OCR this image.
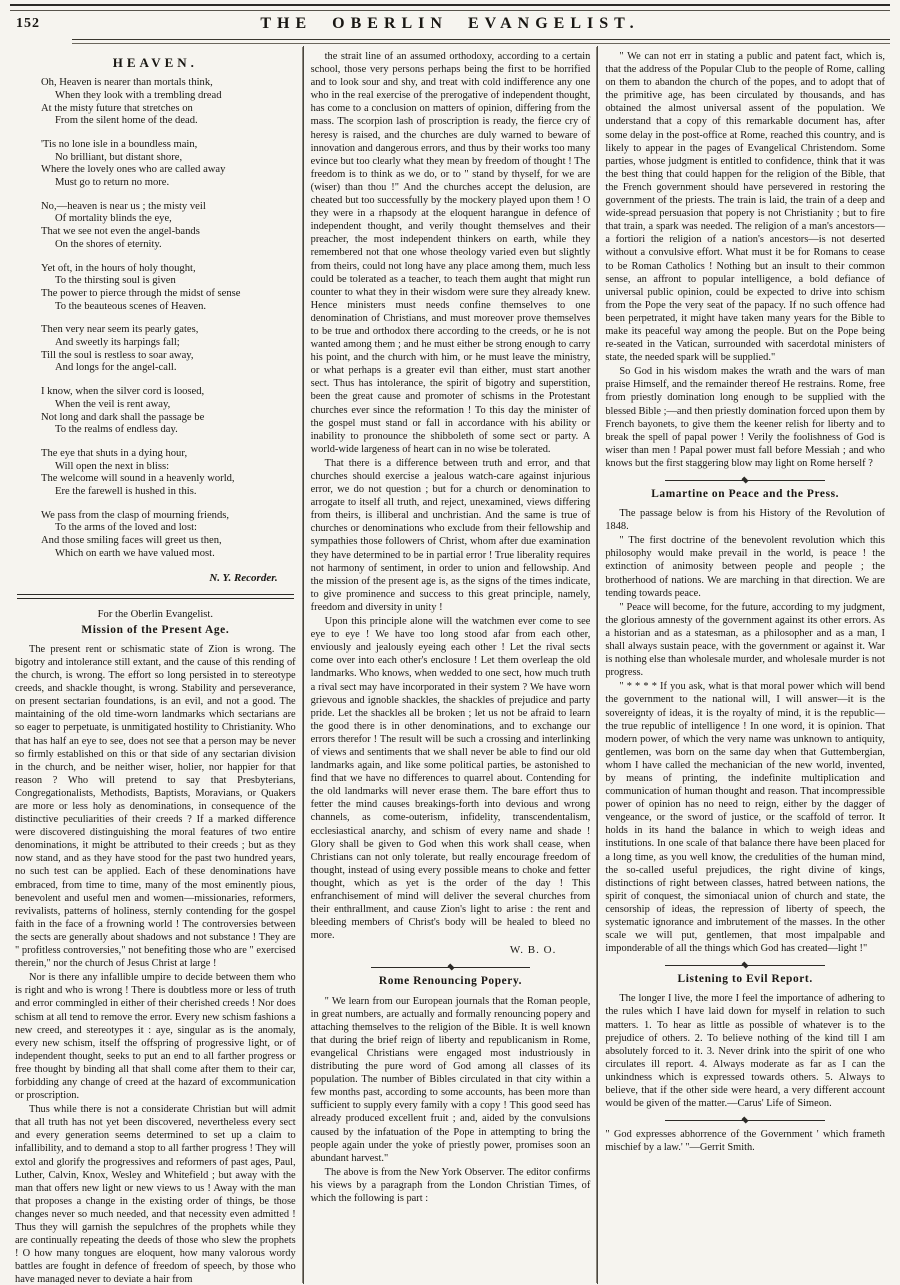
152	THE OBERLIN EVANGELIST.
HEAVEN.
Oh, Heaven is nearer than mortals think,
When they look with a trembling dread
At the misty future that stretches on
From the silent home of the dead.
'Tis no lone isle in a boundless main,
No brilliant, but distant shore,
Where the lovely ones who are called away
Must go to return no more.
No,—heaven is near us ; the misty veil
Of mortality blinds the eye,
That we see not even the angel-bands
On the shores of eternity.
Yet oft, in the hours of holy thought,
To the thirsting soul is given
The power to pierce through the midst of sense
To the beauteous scenes of Heaven.
Then very near seem its pearly gates,
And sweetly its harpings fall;
Till the soul is restless to soar away,
And longs for the angel-call.
I know, when the silver cord is loosed,
When the veil is rent away,
Not long and dark shall the passage be
To the realms of endless day.
The eye that shuts in a dying hour,
Will open the next in bliss:
The welcome will sound in a heavenly world,
Ere the farewell is hushed in this.
We pass from the clasp of mourning friends,
To the arms of the loved and lost:
And those smiling faces will greet us then,
Which on earth we have valued most.
N. Y. Recorder.
For the Oberlin Evangelist.
Mission of the Present Age.
The present rent or schismatic state of Zion is wrong. The bigotry and intolerance still extant, and the cause of this rending of the church, is wrong. The effort so long persisted in to stereotype creeds, and shackle thought, is wrong. Stability and perseverance, on present sectarian foundations, is an evil, and not a good. The maintaining of the old time-worn landmarks which sectarians are so eager to perpetuate, is unmitigated hostility to Christianity. Who that has half an eye to see, does not see that a person may be never so firmly established on this or that side of any sectarian division in the church, and be neither wiser, holier, nor happier for that reason ? Who will pretend to say that Presbyterians, Congregationalists, Methodists, Baptists, Moravians, or Quakers are more or less holy as denominations, in consequence of the distinctive peculiarities of their creeds ? If a marked difference were discovered distinguishing the moral features of two entire denominations, it might be attributed to their creeds ; but as they now stand, and as they have stood for the past two hundred years, no such test can be applied. Each of these denominations have embraced, from time to time, many of the most eminently pious, benevolent and useful men and women—missionaries, reformers, revivalists, patterns of holiness, sternly contending for the gospel faith in the face of a frowning world ! The controversies between the sects are generally about shadows and not substance ! They are " profitless controversies," not benefiting those who are " exercised therein," nor the church of Jesus Christ at large !
Nor is there any infallible umpire to decide between them who is right and who is wrong ! There is doubtless more or less of truth and error commingled in either of their cherished creeds ! Nor does schism at all tend to remove the error. Every new schism fashions a new creed, and stereotypes it : aye, singular as is the anomaly, every new schism, itself the offspring of progressive light, or of independent thought, seeks to put an end to all farther progress or free thought by binding all that shall come after them to their car, forbidding any change of creed at the hazard of excommunication or proscription.
Thus while there is not a considerate Christian but will admit that all truth has not yet been discovered, nevertheless every sect and every generation seems determined to set up a claim to infallibility, and to demand a stop to all farther progress ! They will extol and glorify the progressives and reformers of past ages, Paul, Luther, Calvin, Knox, Wesley and Whitefield ; but away with the man that offers new light or new views to us ! Away with the man that proposes a change in the existing order of things, be those changes never so much needed, and that necessity even admitted ! Thus they will garnish the sepulchres of the prophets while they are continually repeating the deeds of those who slew the prophets ! O how many tongues are eloquent, how many valorous wordy battles are fought in defence of freedom of speech, by those who have managed never to deviate a hair from
the strait line of an assumed orthodoxy, according to a certain school, those very persons perhaps being the first to be horrified and to look sour and shy, and treat with cold indifference any one who in the real exercise of the prerogative of independent thought, has come to a conclusion on matters of opinion, differing from the mass. The scorpion lash of proscription is ready, the fierce cry of heresy is raised, and the churches are duly warned to beware of innovation and dangerous errors, and thus by their works too many evince but too clearly what they mean by freedom of thought ! The freedom is to think as we do, or to " stand by thyself, for we are (wiser) than thou !" And the churches accept the delusion, are cheated but too successfully by the mockery played upon them ! O they were in a rhapsody at the eloquent harangue in defence of independent thought, and verily thought themselves and their preacher, the most independent thinkers on earth, while they remembered not that one whose theology varied even but slightly from theirs, could not long have any place among them, much less could be tolerated as a teacher, to teach them aught that might run counter to what they in their wisdom were sure they already knew. Hence ministers must needs confine themselves to one denomination of Christians, and must moreover prove themselves to be true and orthodox there according to the creeds, or he is not wanted among them ; and he must either be strong enough to carry his point, and the church with him, or he must leave the ministry, or what perhaps is a greater evil than either, must start another sect. Thus has intolerance, the spirit of bigotry and superstition, been the great cause and promoter of schisms in the Protestant churches ever since the reformation ! To this day the minister of the gospel must stand or fall in accordance with his ability or inability to pronounce the shibboleth of some sect or party. A world-wide largeness of heart can in no wise be tolerated.
That there is a difference between truth and error, and that churches should exercise a jealous watch-care against injurious error, we do not question ; but for a church or denomination to arrogate to itself all truth, and reject, unexamined, views differing from theirs, is illiberal and unchristian. And the same is true of churches or denominations who exclude from their fellowship and sympathies those followers of Christ, whom after due examination they have determined to be in partial error ! True liberality requires not harmony of sentiment, in order to union and fellowship. And the mission of the present age is, as the signs of the times indicate, to give prominence and success to this great principle, namely, freedom and diversity in unity !
Upon this principle alone will the watchmen ever come to see eye to eye ! We have too long stood afar from each other, enviously and jealously eyeing each other ! Let the rival sects come over into each other's enclosure ! Let them overleap the old landmarks. Who knows, when wedded to one sect, how much truth a rival sect may have incorporated in their system ? We have worn grievous and ignoble shackles, the shackles of prejudice and party pride. Let the shackles all be broken ; let us not be afraid to learn the good there is in other denominations, and to exchange our errors therefor ! The result will be such a crossing and interlinking of views and sentiments that we shall never be able to find our old landmarks again, and like some political parties, be astonished to find that we have no differences to quarrel about. Contending for the old landmarks will never erase them. The bare effort thus to fetter the mind causes breakings-forth into devious and wrong channels, as come-outerism, infidelity, transcendentalism, ecclesiastical anarchy, and schism of every name and shade ! Glory shall be given to God when this work shall cease, when Christians can not only tolerate, but really encourage freedom of thought, instead of using every possible means to choke and fetter thought, which as yet is the order of the day ! This enfranchisement of mind will deliver the several churches from their enthrallment, and cause Zion's light to arise : the rent and bleeding members of Christ's body will be healed to bleed no more.
W. B. O.
Rome Renouncing Popery.
" We learn from our European journals that the Roman people, in great numbers, are actually and formally renouncing popery and attaching themselves to the religion of the Bible. It is well known that during the brief reign of liberty and republicanism in Rome, evangelical Christians were engaged most industriously in distributing the pure word of God among all classes of its population. The number of Bibles circulated in that city within a few months past, according to some accounts, has been more than sufficient to supply every family with a copy ! This good seed has already produced excellent fruit ; and, aided by the convulsions caused by the infatuation of the Pope in attempting to bring the people again under the yoke of priestly power, promises soon an abundant harvest."
The above is from the New York Observer. The editor confirms his views by a paragraph from the London Christian Times, of which the following is part :
" We can not err in stating a public and patent fact, which is, that the address of the Popular Club to the people of Rome, calling on them to abandon the church of the popes, and to adopt that of the primitive age, has been circulated by thousands, and has obtained the almost universal assent of the population. We understand that a copy of this remarkable document has, after some delay in the post-office at Rome, reached this country, and is likely to appear in the pages of Evangelical Christendom. Some parties, whose judgment is entitled to confidence, think that it was the best thing that could happen for the religion of the Bible, that the French government should have persevered in restoring the government of the priests. The train is laid, the train of a deep and wide-spread persuasion that popery is not Christianity ; but to fire that train, a spark was needed. The religion of a man's ancestors—a fortiori the religion of a nation's ancestors—is not deserted without a convulsive effort. What must it be for Romans to cease to be Roman Catholics ! Nothing but an insult to their common sense, an affront to popular intelligence, a bold defiance of universal public opinion, could be expected to drive into schism from the Pope the very seat of the papacy. If no such offence had been perpetrated, it might have taken many years for the Bible to make its peaceful way among the people. But on the Pope being re-seated in the Vatican, surrounded with sacerdotal ministers of state, the needed spark will be supplied."
So God in his wisdom makes the wrath and the wars of man praise Himself, and the remainder thereof He restrains. Rome, free from priestly domination long enough to be supplied with the blessed Bible ;—and then priestly domination forced upon them by French bayonets, to give them the keener relish for liberty and to break the spell of papal power ! Verily the foolishness of God is wiser than men ! Papal power must fall before Messiah ; and who knows but the first staggering blow may light on Rome herself ?
Lamartine on Peace and the Press.
The passage below is from his History of the Revolution of 1848.
" The first doctrine of the benevolent revolution which this philosophy would make prevail in the world, is peace ! the extinction of animosity between people and people ; the brotherhood of nations. We are marching in that direction. We are tending towards peace.
" Peace will become, for the future, according to my judgment, the glorious amnesty of the government against its other errors. As a historian and as a statesman, as a philosopher and as a man, I shall always sustain peace, with the government or against it. War is nothing else than wholesale murder, and wholesale murder is not progress.
" * * * * If you ask, what is that moral power which will bend the government to the national will, I will answer—it is the sovereignty of ideas, it is the royalty of mind, it is the republic—the true republic of intelligence ! In one word, it is opinion. That modern power, of which the very name was unknown to antiquity, gentlemen, was born on the same day when that Guttembergian, whom I have called the mechanician of the new world, invented, by means of printing, the indefinite multiplication and communication of human thought and reason. That incompressible power of opinion has no need to reign, either by the dagger of vengeance, or the sword of justice, or the scaffold of terror. It holds in its hand the balance in which to weigh ideas and institutions. In one scale of that balance there have been placed for a long time, as you well know, the credulities of the human mind, the so-called useful prejudices, the right divine of kings, distinctions of right between classes, hatred between nations, the spirit of conquest, the simoniacal union of church and state, the censorship of ideas, the repression of liberty of speech, the systematic ignorance and imbrutement of the masses. In the other scale we will put, gentlemen, that most impalpable and imponderable of all the things which God has created—light !"
Listening to Evil Report.
The longer I live, the more I feel the importance of adhering to the rules which I have laid down for myself in relation to such matters. 1. To hear as little as possible of whatever is to the prejudice of others. 2. To believe nothing of the kind till I am absolutely forced to it. 3. Never drink into the spirit of one who circulates ill report. 4. Always moderate as far as I can the unkindness which is expressed towards others. 5. Always to believe, that if the other side were heard, a very different account would be given of the matter.—Carus' Life of Simeon.

" God expresses abhorrence of the Government ' which frameth mischief by a law.' "—Gerrit Smith.
